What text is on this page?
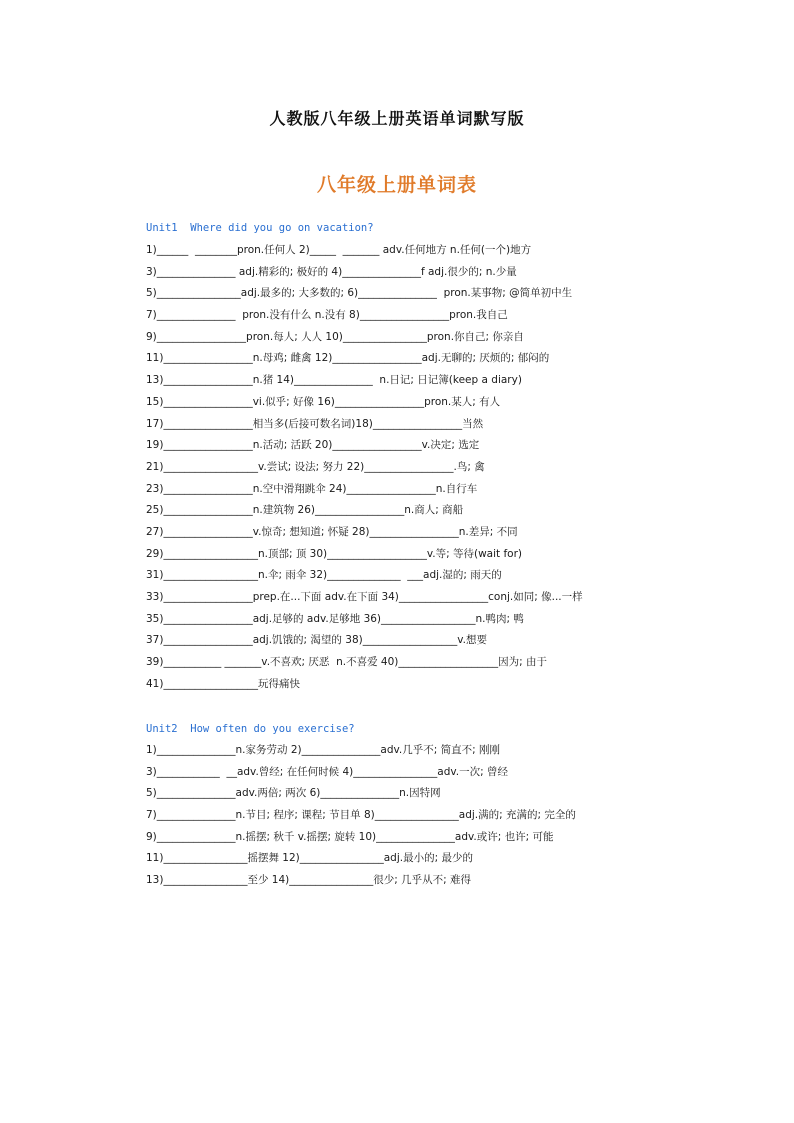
人教版八年级上册英语单词默写版
八年级上册单词表
Unit1  Where did you go on vacation?
1)______  ________pron.任何人 2)_____  _______ adv.任何地方 n.任何(一个)地方
3)_______________ adj.精彩的; 极好的 4)_______________f adj.很少的; n.少量
5)________________adj.最多的; 大多数的; 6)_______________  pron.某事物; @简单初中生
7)_______________  pron.没有什么 n.没有 8)_________________pron.我自己
9)_________________pron.每人; 人人 10)________________pron.你自己; 你亲自
11)_________________n.母鸡; 雌禽 12)_________________adj.无聊的; 厌烦的; 郁闷的
13)_________________n.猪 14)_______________  n.日记; 日记簿(keep a diary)
15)_________________vi.似乎; 好像 16)_________________pron.某人; 有人
17)_________________相当多(后接可数名词)18)_________________当然
19)_________________n.活动; 活跃 20)_________________v.决定; 选定
21)__________________v.尝试; 设法; 努力 22)_________________.鸟; 禽
23)_________________n.空中滑翔跳伞 24)_________________n.自行车
25)_________________n.建筑物 26)_________________n.商人; 商船
27)_________________v.惊奇; 想知道; 怀疑 28)_________________n.差异; 不同
29)__________________n.顶部; 顶 30)___________________v.等; 等待(wait for)
31)__________________n.伞; 雨伞 32)______________  ___adj.湿的; 雨天的
33)_________________prep.在...下面 adv.在下面 34)_________________conj.如同; 像...一样
35)_________________adj.足够的 adv.足够地 36)__________________n.鸭肉; 鸭
37)_________________adj.饥饿的; 渴望的 38)__________________v.想要
39)___________ _______v.不喜欢; 厌恶  n.不喜爱 40)___________________因为; 由于
41)__________________玩得痛快
Unit2  How often do you exercise?
1)_______________n.家务劳动 2)_______________adv.几乎不; 简直不; 刚刚
3)____________  __adv.曾经; 在任何时候 4)________________adv.一次; 曾经
5)_______________adv.两倍; 两次 6)_______________n.因特网
7)_______________n.节目; 程序; 课程; 节目单 8)________________adj.满的; 充满的; 完全的
9)_______________n.摇摆; 秋千 v.摇摆; 旋转 10)_______________adv.或许; 也许; 可能
11)________________摇摆舞 12)________________adj.最小的; 最少的
13)________________至少 14)________________很少; 几乎从不; 难得
